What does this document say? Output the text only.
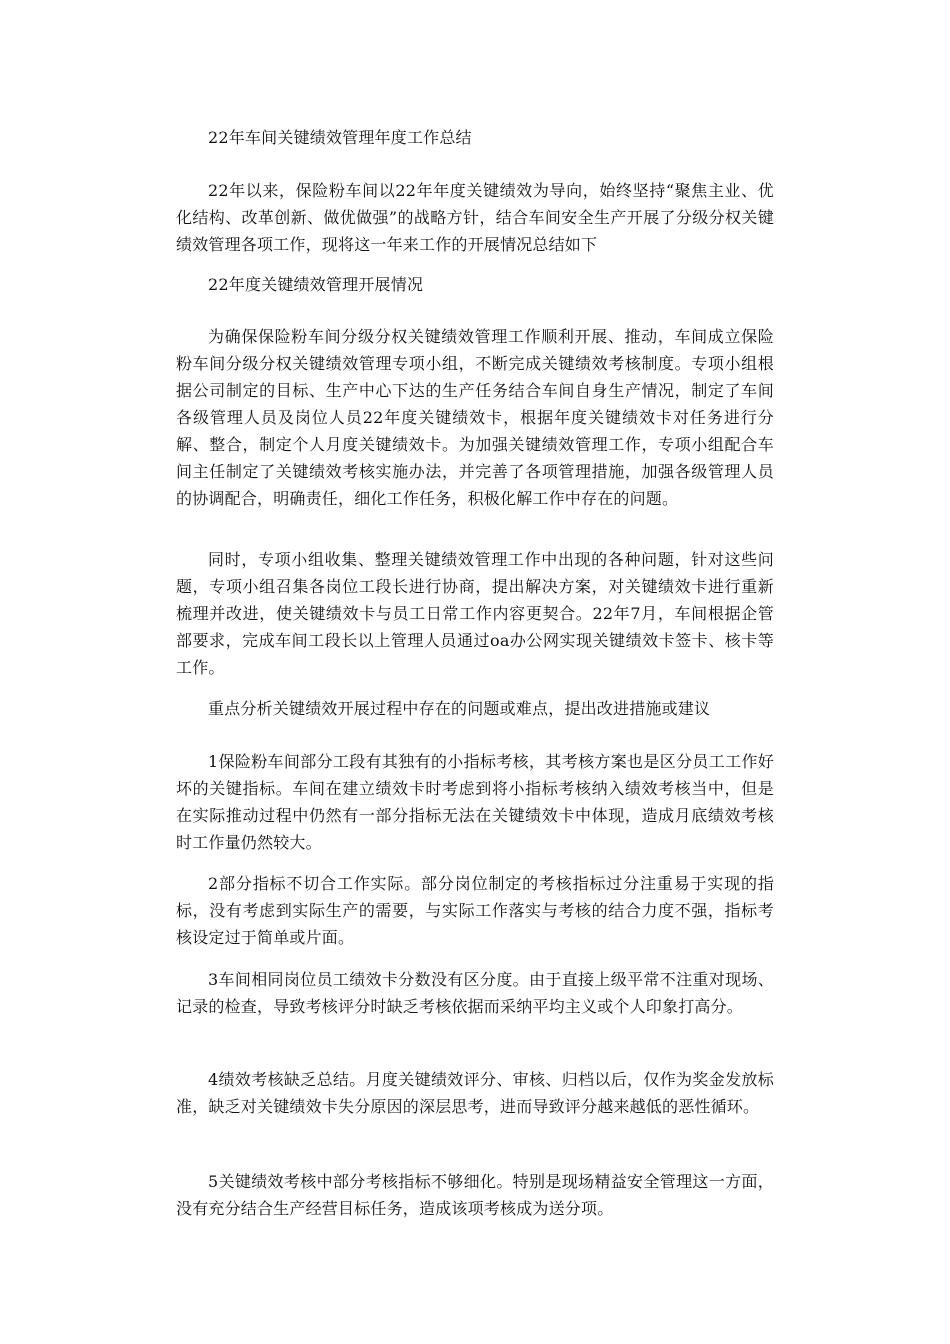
22年车间关键绩效管理年度工作总结

22年以来，保险粉车间以22年年度关键绩效为导向，始终坚持“聚焦主业、优化结构、改革创新、做优做强”的战略方针，结合车间安全生产开展了分级分权关键绩效管理各项工作，现将这一年来工作的开展情况总结如下

22年度关键绩效管理开展情况

为确保保险粉车间分级分权关键绩效管理工作顺利开展、推动，车间成立保险粉车间分级分权关键绩效管理专项小组，不断完成关键绩效考核制度。专项小组根据公司制定的目标、生产中心下达的生产任务结合车间自身生产情况，制定了车间各级管理人员及岗位人员22年度关键绩效卡，根据年度关键绩效卡对任务进行分解、整合，制定个人月度关键绩效卡。为加强关键绩效管理工作，专项小组配合车间主任制定了关键绩效考核实施办法，并完善了各项管理措施，加强各级管理人员的协调配合，明确责任，细化工作任务，积极化解工作中存在的问题。

同时，专项小组收集、整理关键绩效管理工作中出现的各种问题，针对这些问题，专项小组召集各岗位工段长进行协商，提出解决方案，对关键绩效卡进行重新梳理并改进，使关键绩效卡与员工日常工作内容更契合。22年7月，车间根据企管部要求，完成车间工段长以上管理人员通过oa办公网实现关键绩效卡签卡、核卡等工作。

重点分析关键绩效开展过程中存在的问题或难点，提出改进措施或建议

1保险粉车间部分工段有其独有的小指标考核，其考核方案也是区分员工工作好坏的关键指标。车间在建立绩效卡时考虑到将小指标考核纳入绩效考核当中，但是在实际推动过程中仍然有一部分指标无法在关键绩效卡中体现，造成月底绩效考核时工作量仍然较大。

2部分指标不切合工作实际。部分岗位制定的考核指标过分注重易于实现的指标，没有考虑到实际生产的需要，与实际工作落实与考核的结合力度不强，指标考核设定过于简单或片面。

3车间相同岗位员工绩效卡分数没有区分度。由于直接上级平常不注重对现场、记录的检查，导致考核评分时缺乏考核依据而采纳平均主义或个人印象打高分。

4绩效考核缺乏总结。月度关键绩效评分、审核、归档以后，仅作为奖金发放标准，缺乏对关键绩效卡失分原因的深层思考，进而导致评分越来越低的恶性循环。

5关键绩效考核中部分考核指标不够细化。特别是现场精益安全管理这一方面，没有充分结合生产经营目标任务，造成该项考核成为送分项。
